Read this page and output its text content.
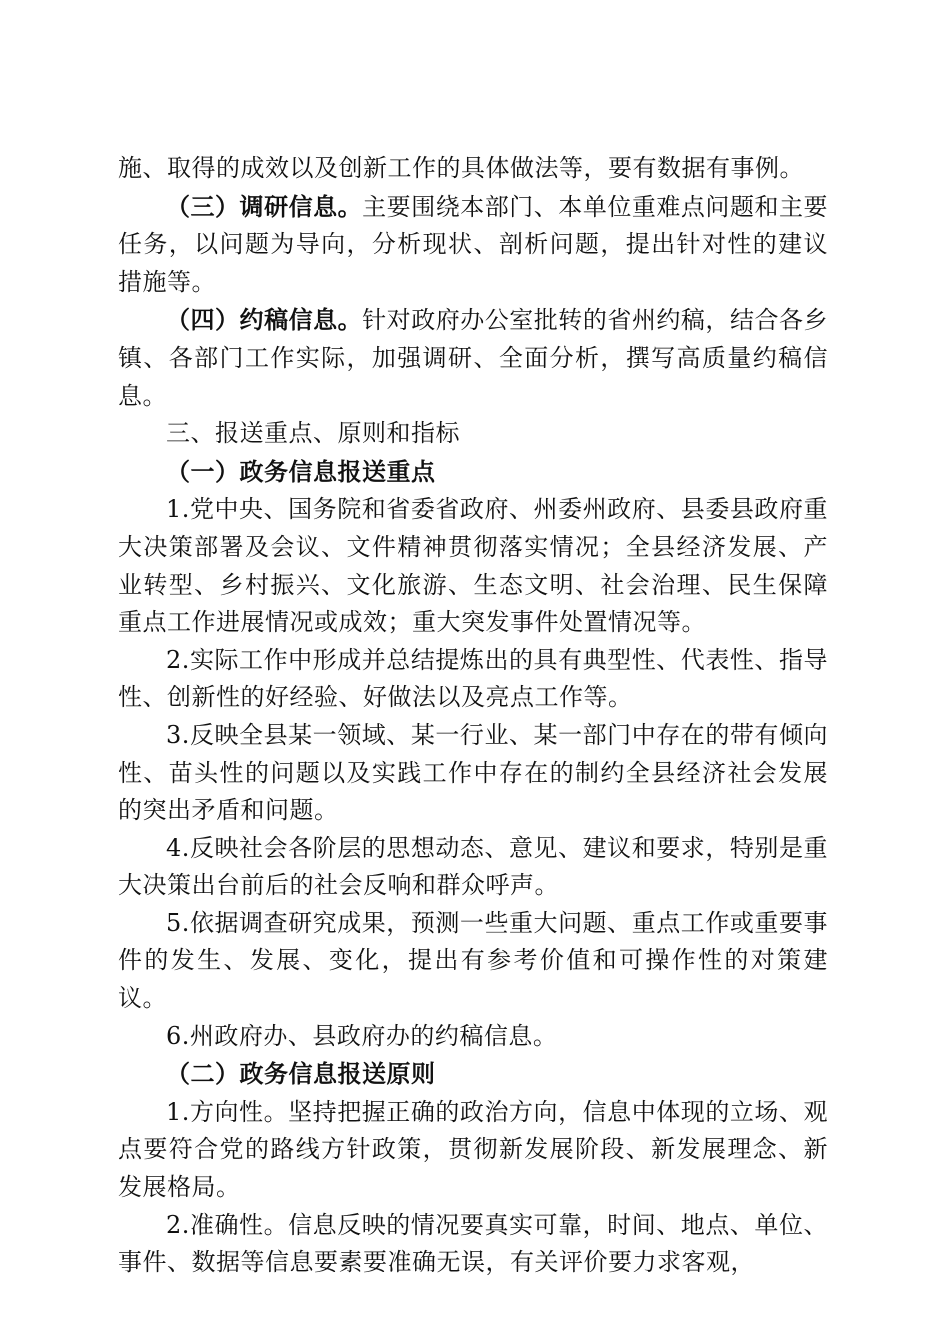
施、取得的成效以及创新工作的具体做法等，要有数据有事例。

（三）调研信息。主要围绕本部门、本单位重难点问题和主要任务，以问题为导向，分析现状、剖析问题，提出针对性的建议措施等。

（四）约稿信息。针对政府办公室批转的省州约稿，结合各乡镇、各部门工作实际，加强调研、全面分析，撰写高质量约稿信息。

三、报送重点、原则和指标

（一）政务信息报送重点

1.党中央、国务院和省委省政府、州委州政府、县委县政府重大决策部署及会议、文件精神贯彻落实情况；全县经济发展、产业转型、乡村振兴、文化旅游、生态文明、社会治理、民生保障重点工作进展情况或成效；重大突发事件处置情况等。

2.实际工作中形成并总结提炼出的具有典型性、代表性、指导性、创新性的好经验、好做法以及亮点工作等。

3.反映全县某一领域、某一行业、某一部门中存在的带有倾向性、苗头性的问题以及实践工作中存在的制约全县经济社会发展的突出矛盾和问题。

4.反映社会各阶层的思想动态、意见、建议和要求，特别是重大决策出台前后的社会反响和群众呼声。

5.依据调查研究成果，预测一些重大问题、重点工作或重要事件的发生、发展、变化，提出有参考价值和可操作性的对策建议。

6.州政府办、县政府办的约稿信息。

（二）政务信息报送原则

1.方向性。坚持把握正确的政治方向，信息中体现的立场、观点要符合党的路线方针政策，贯彻新发展阶段、新发展理念、新发展格局。

2.准确性。信息反映的情况要真实可靠，时间、地点、单位、事件、数据等信息要素要准确无误，有关评价要力求客观，
